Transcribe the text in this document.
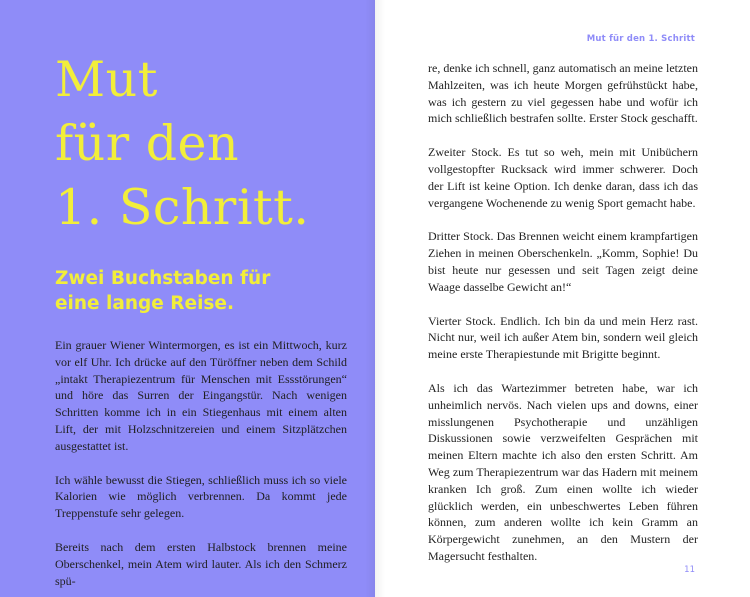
Mut
für den
1. Schritt.
Zwei Buchstaben für
eine lange Reise.

Ein grauer Wiener Wintermorgen, es ist ein Mittwoch, kurz vor elf Uhr. Ich drücke auf den Türöffner neben dem Schild „intakt Therapiezentrum für Menschen mit Essstörungen“ und höre das Surren der Eingangstür. Nach wenigen Schritten komme ich in ein Stiegenhaus mit einem alten Lift, der mit Holzschnitzereien und einem Sitzplätzchen ausgestattet ist.

Ich wähle bewusst die Stiegen, schließlich muss ich so viele Kalorien wie möglich verbrennen. Da kommt jede Treppenstufe sehr gelegen.

Bereits nach dem ersten Halbstock brennen meine Oberschenkel, mein Atem wird lauter. Als ich den Schmerz spü-

Mut für den 1. Schritt

re, denke ich schnell, ganz automatisch an meine letzten Mahlzeiten, was ich heute Morgen gefrühstückt habe, was ich gestern zu viel gegessen habe und wofür ich mich schließlich bestrafen sollte. Erster Stock geschafft.

Zweiter Stock. Es tut so weh, mein mit Unibüchern vollgestopfter Rucksack wird immer schwerer. Doch der Lift ist keine Option. Ich denke daran, dass ich das vergangene Wochenende zu wenig Sport gemacht habe.

Dritter Stock. Das Brennen weicht einem krampfartigen Ziehen in meinen Oberschenkeln. „Komm, Sophie! Du bist heute nur gesessen und seit Tagen zeigt deine Waage dasselbe Gewicht an!“

Vierter Stock. Endlich. Ich bin da und mein Herz rast. Nicht nur, weil ich außer Atem bin, sondern weil gleich meine erste Therapiestunde mit Brigitte beginnt.

Als ich das Wartezimmer betreten habe, war ich unheimlich nervös. Nach vielen ups and downs, einer misslungenen Psychotherapie und unzähligen Diskussionen sowie verzweifelten Gesprächen mit meinen Eltern machte ich also den ersten Schritt. Am Weg zum Therapiezentrum war das Hadern mit meinem kranken Ich groß. Zum einen wollte ich wieder glücklich werden, ein unbeschwertes Leben führen können, zum anderen wollte ich kein Gramm an Körpergewicht zunehmen, an den Mustern der Magersucht festhalten.

11
